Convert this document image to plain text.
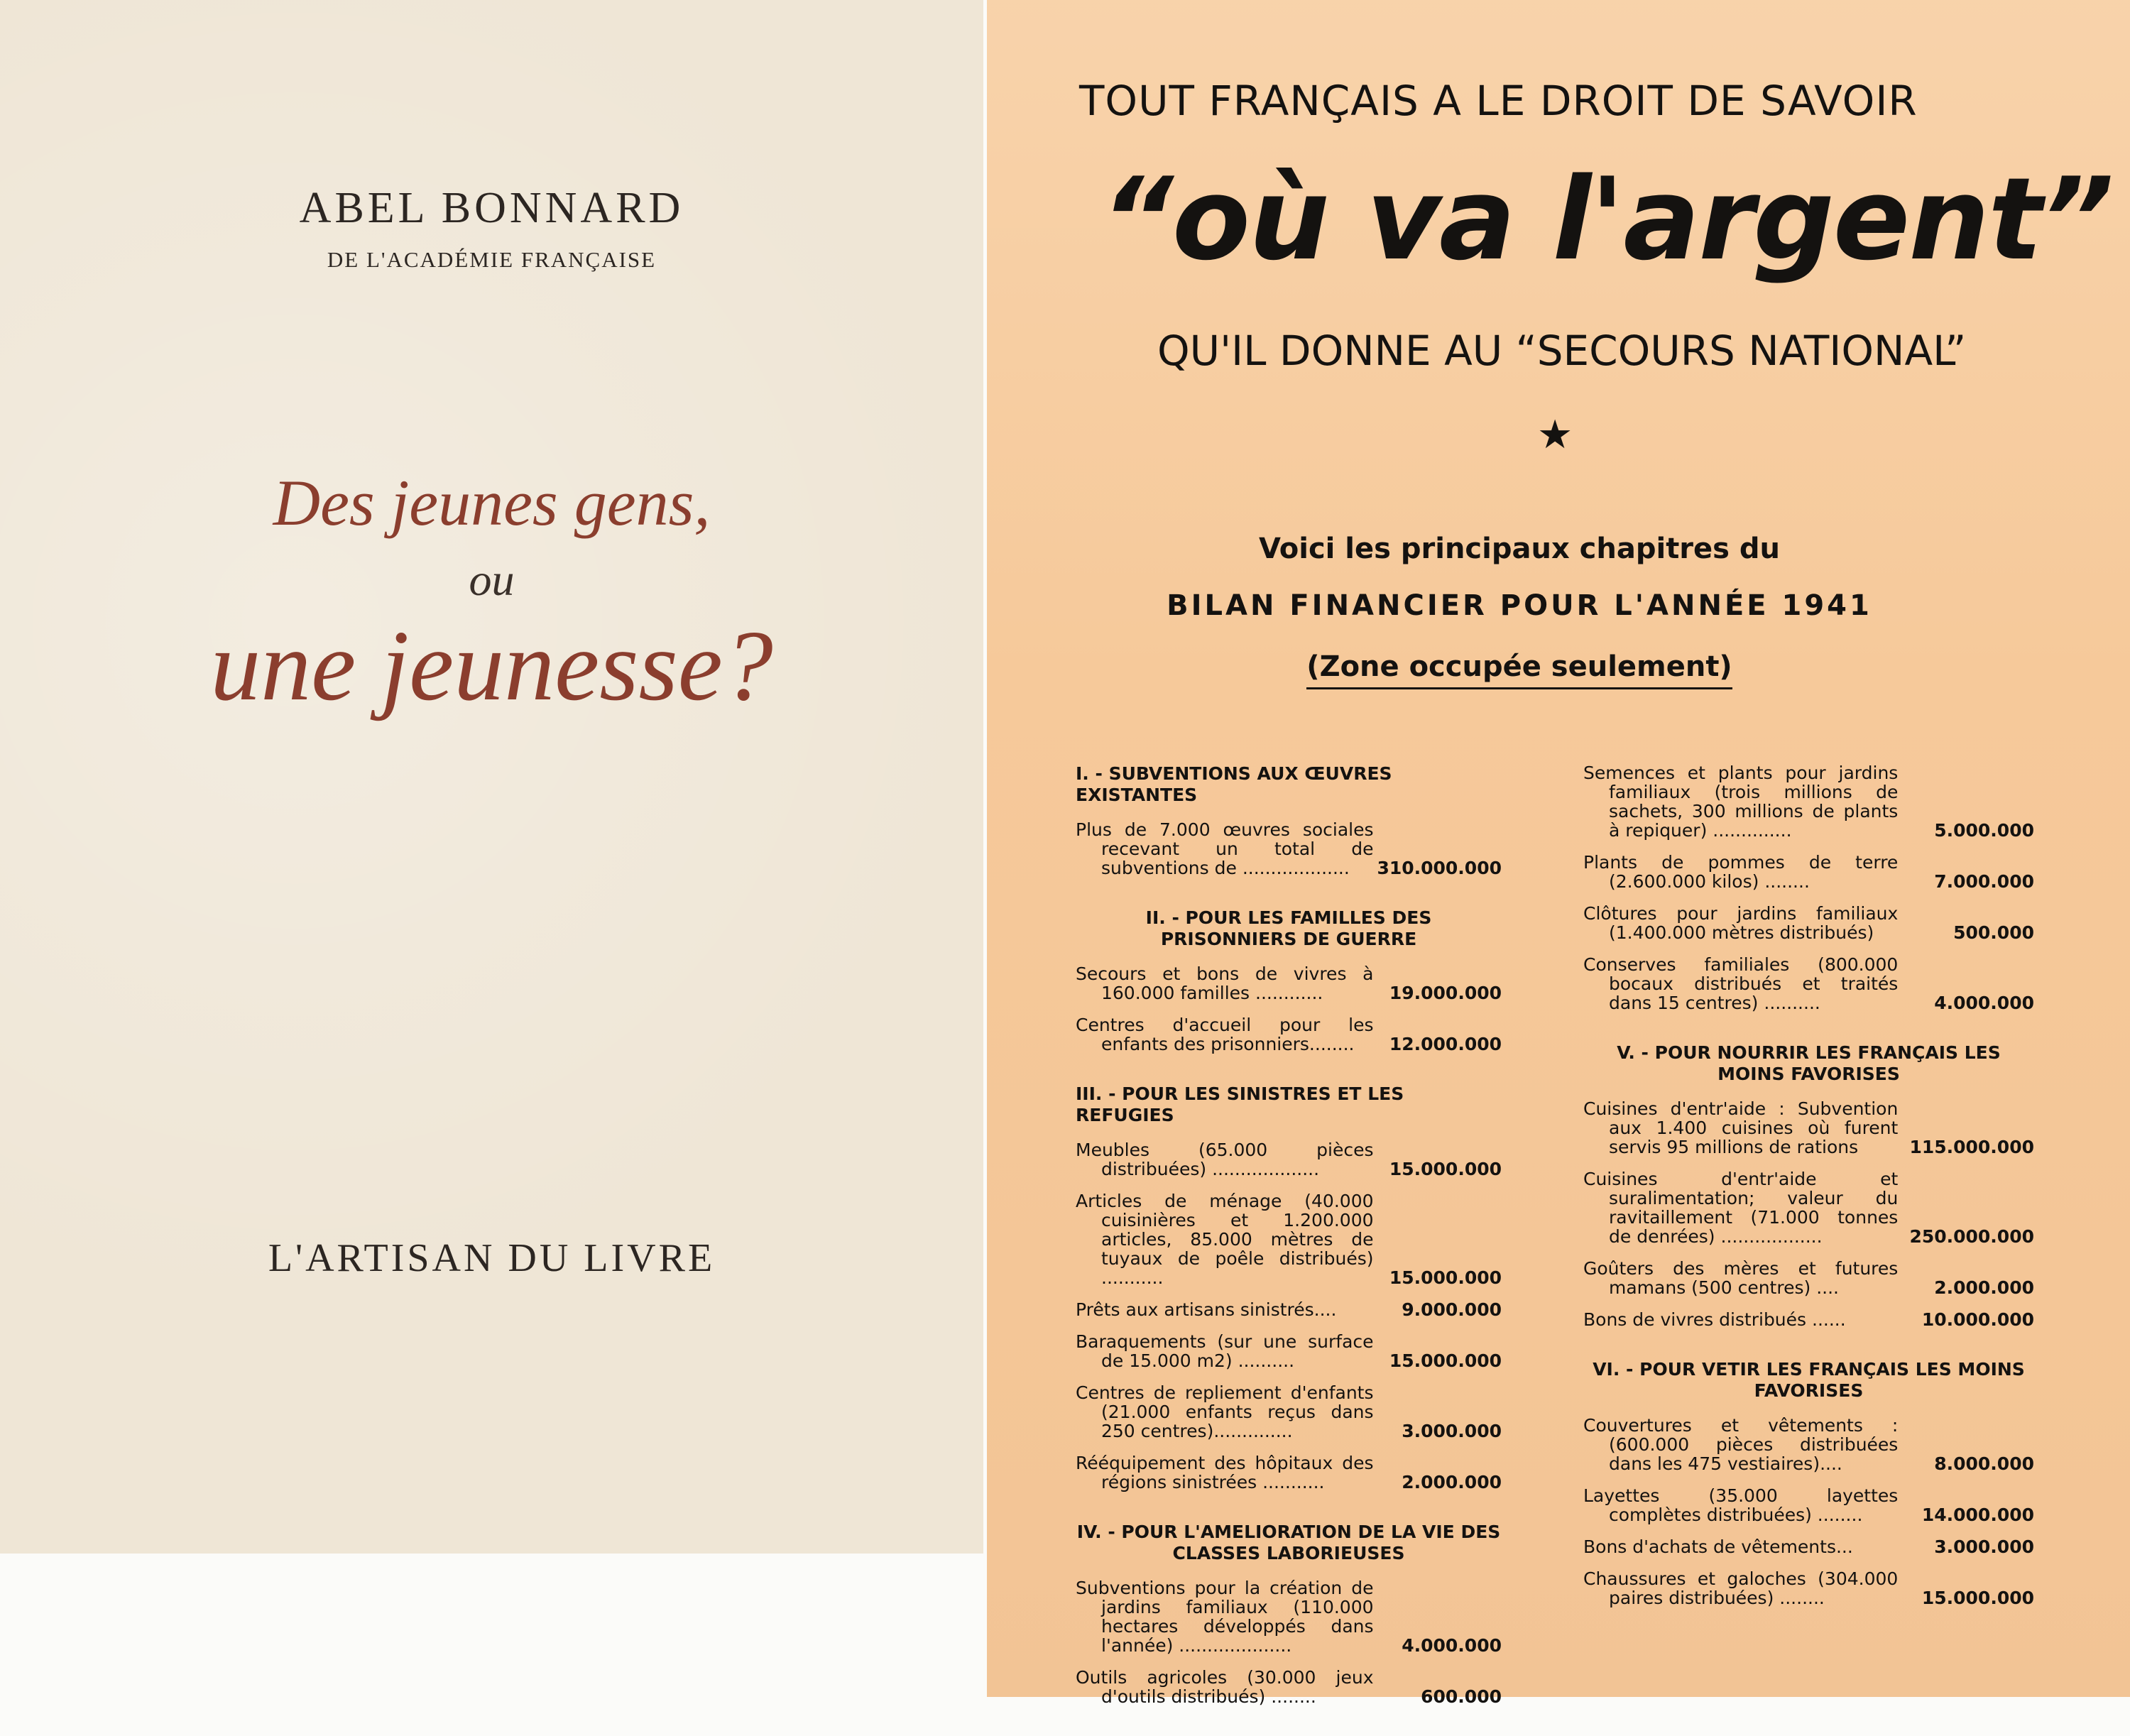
ABEL BONNARD
DE L'ACADÉMIE FRANÇAISE
Des jeunes gens,
ou
une jeunesse?
L'ARTISAN DU LIVRE
TOUT FRANÇAIS A LE DROIT DE SAVOIR
“où va l'argent”
QU'IL DONNE AU “SECOURS NATIONAL”
★
Voici les principaux chapitres du
BILAN FINANCIER POUR L'ANNÉE 1941
(Zone occupée seulement)
I. - SUBVENTIONS AUX ŒUVRES EXISTANTES
Plus de 7.000 œuvres sociales recevant un total de subventions de ...................	310.000.000
II. - POUR LES FAMILLES DES PRISONNIERS DE GUERRE
Secours et bons de vivres à 160.000 familles ............	19.000.000
Centres d'accueil pour les enfants des prisonniers........	12.000.000
III. - POUR LES SINISTRES ET LES REFUGIES
Meubles (65.000 pièces distribuées) ...................	15.000.000
Articles de ménage (40.000 cuisinières et 1.200.000 articles, 85.000 mètres de tuyaux de poêle distribués) ...........	15.000.000
Prêts aux artisans sinistrés....	9.000.000
Baraquements (sur une surface de 15.000 m2) ..........	15.000.000
Centres de repliement d'enfants (21.000 enfants reçus dans 250 centres)..............	3.000.000
Rééquipement des hôpitaux des régions sinistrées ...........	2.000.000
IV. - POUR L'AMELIORATION DE LA VIE DES CLASSES LABORIEUSES
Subventions pour la création de jardins familiaux (110.000 hectares développés dans l'année) ....................	4.000.000
Outils agricoles (30.000 jeux d'outils distribués) ........	600.000
Semences et plants pour jardins familiaux (trois millions de sachets, 300 millions de plants à repiquer) ..............	5.000.000
Plants de pommes de terre (2.600.000 kilos) ........	7.000.000
Clôtures pour jardins familiaux (1.400.000 mètres distribués)	500.000
Conserves familiales (800.000 bocaux distribués et traités dans 15 centres) ..........	4.000.000
V. - POUR NOURRIR LES FRANÇAIS LES MOINS FAVORISES
Cuisines d'entr'aide : Subvention aux 1.400 cuisines où furent servis 95 millions de rations	115.000.000
Cuisines d'entr'aide et suralimentation; valeur du ravitaillement (71.000 tonnes de denrées) ..................	250.000.000
Goûters des mères et futures mamans (500 centres) ....	2.000.000
Bons de vivres distribués ......	10.000.000
VI. - POUR VETIR LES FRANÇAIS LES MOINS FAVORISES
Couvertures et vêtements : (600.000 pièces distribuées dans les 475 vestiaires)....	8.000.000
Layettes (35.000 layettes complètes distribuées) ........	14.000.000
Bons d'achats de vêtements...	3.000.000
Chaussures et galoches (304.000 paires distribuées) ........	15.000.000
